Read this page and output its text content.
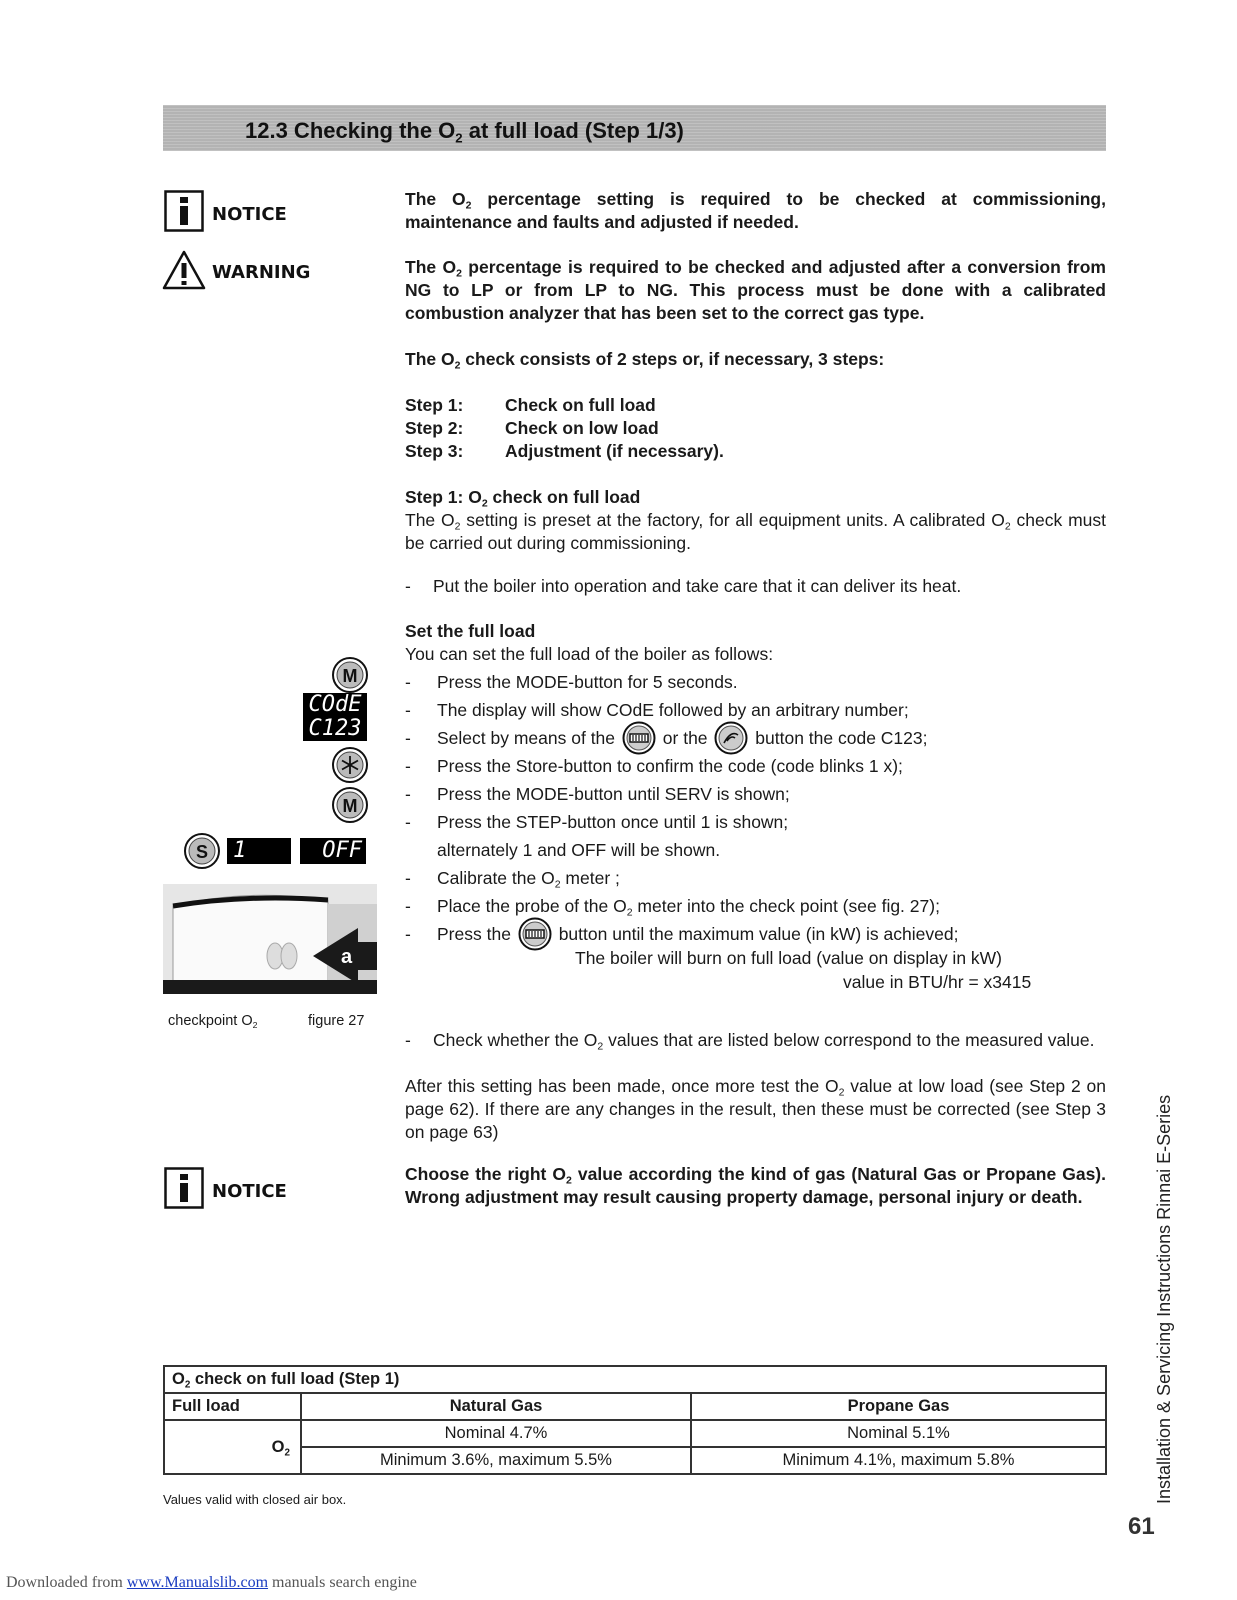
12.3 Checking the $O_2$ at full load (Step 1/3)
NOTICE
WARNING
The $O_2$ percentage setting is required to be checked at commissioning, maintenance and faults and adjusted if needed.
The $O_2$ percentage is required to be checked and adjusted after a conversion from NG to LP or from LP to NG. This process must be done with a calibrated combustion analyzer that has been set to the correct gas type.
The $O_2$ check consists of 2 steps or, if necessary, 3 steps:
Step 1:	Check on full load
Step 2:	Check on low load
Step 3:	Adjustment (if necessary).
Step 1: $O_2$ check on full load
The $O_2$ setting is preset at the factory, for all equipment units. A calibrated $O_2$ check must be carried out during commissioning.
- Put the boiler into operation and take care that it can deliver its heat.
Set the full load
You can set the full load of the boiler as follows:
- Press the MODE-button for 5 seconds.
- The display will show COdE followed by an arbitrary number;
- Select by means of the	or the	button the code C123;
- Press the Store-button to confirm the code (code blinks 1 x);
- Press the MODE-button until SERV is shown;
- Press the STEP-button once until 1 is shown;
alternately 1 and OFF will be shown.
- Calibrate the $O_2$ meter ;
- Place the probe of the $O_2$ meter into the check point (see fig. 27);
- Press the	button until the maximum value (in kW) is achieved;
The boiler will burn on full load (value on display in kW)
value in BTU/hr = x3415
- Check whether the $O_2$ values that are listed below correspond to the measured value.
After this setting has been made, once more test the $O_2$ value at low load (see Step 2 on page 62). If there are any changes in the result, then these must be corrected (see Step 3 on page 63)
M
COdE
C123
M
S 1	OFF
a
checkpoint $O_2$	figure 27
NOTICE
Choose the right $O_2$ value according the kind of gas (Natural Gas or Propane Gas). Wrong adjustment may result causing property damage, personal injury or death.
$O_2$ check on full load (Step 1)		
Full load	Natural Gas	Propane Gas
$O_2$	Nominal 4.7%	Nominal 5.1%
	Minimum 3.6%, maximum 5.5%	Minimum 4.1%, maximum 5.8%
Values valid with closed air box.	Installation & Servicing Instructions Rinnai E-Series
61
Downloaded from www.Manualslib.com manuals search engine
